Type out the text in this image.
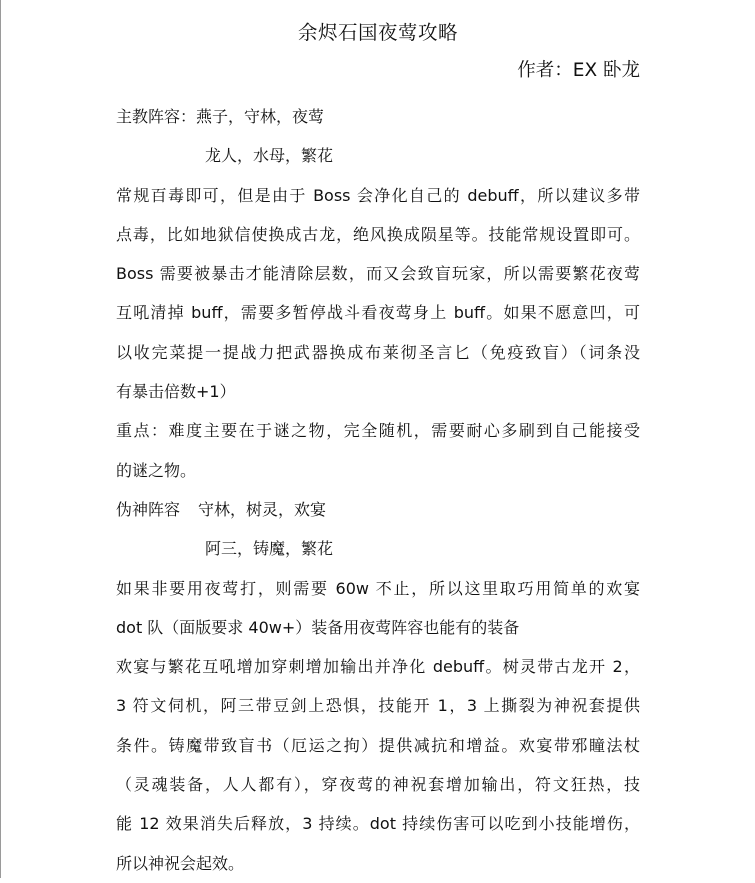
余烬石国夜莺攻略
作者：EX 卧龙
主教阵容：燕子，守林，夜莺
龙人，水母，繁花
常规百毒即可，但是由于 Boss 会净化自己的 debuff，所以建议多带
点毒，比如地狱信使换成古龙，绝风换成陨星等。技能常规设置即可。
Boss 需要被暴击才能清除层数，而又会致盲玩家，所以需要繁花夜莺
互吼清掉 buff，需要多暂停战斗看夜莺身上 buff。如果不愿意凹，可
以收完菜提一提战力把武器换成布莱彻圣言匕（免疫致盲）（词条没
有暴击倍数+1）
重点：难度主要在于谜之物，完全随机，需要耐心多刷到自己能接受
的谜之物。
伪神阵容 守林，树灵，欢宴
阿三，铸魔，繁花
如果非要用夜莺打，则需要 60w 不止，所以这里取巧用简单的欢宴
dot 队（面版要求 40w+）装备用夜莺阵容也能有的装备
欢宴与繁花互吼增加穿刺增加输出并净化 debuff。树灵带古龙开 2，
3 符文伺机，阿三带豆剑上恐惧，技能开 1，3 上撕裂为神祝套提供
条件。铸魔带致盲书（厄运之拘）提供减抗和增益。欢宴带邪瞳法杖
（灵魂装备，人人都有），穿夜莺的神祝套增加输出，符文狂热，技
能 12 效果消失后释放，3 持续。dot 持续伤害可以吃到小技能增伤，
所以神祝会起效。
